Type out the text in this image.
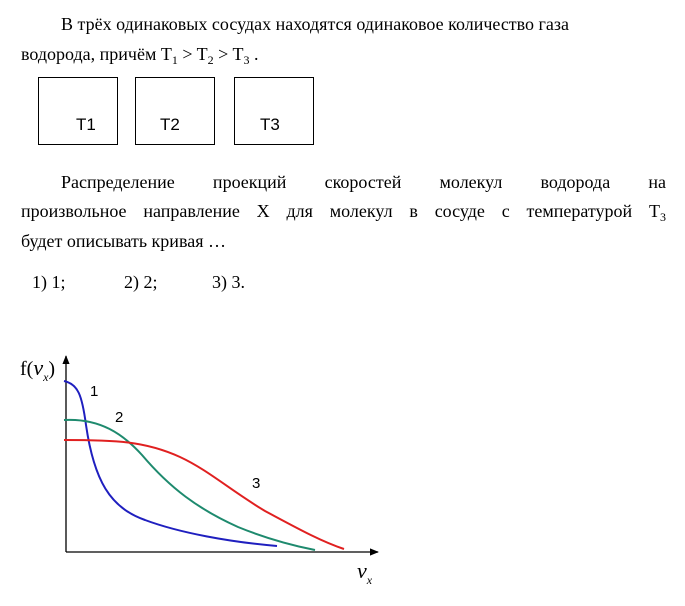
В трёх одинаковых сосудах находятся одинаковое количество газа
водорода, причём $T_1 > T_2 > T_3$ .

T1	T2	T3

Распределение проекций скоростей молекул водорода на
произвольное направление Х для молекул в сосуде с температурой $Т_3$

будет описывать кривая …

1) 1;	2) 2;	3) 3.
$f(v_x)$
$v_x$
1
2
3
